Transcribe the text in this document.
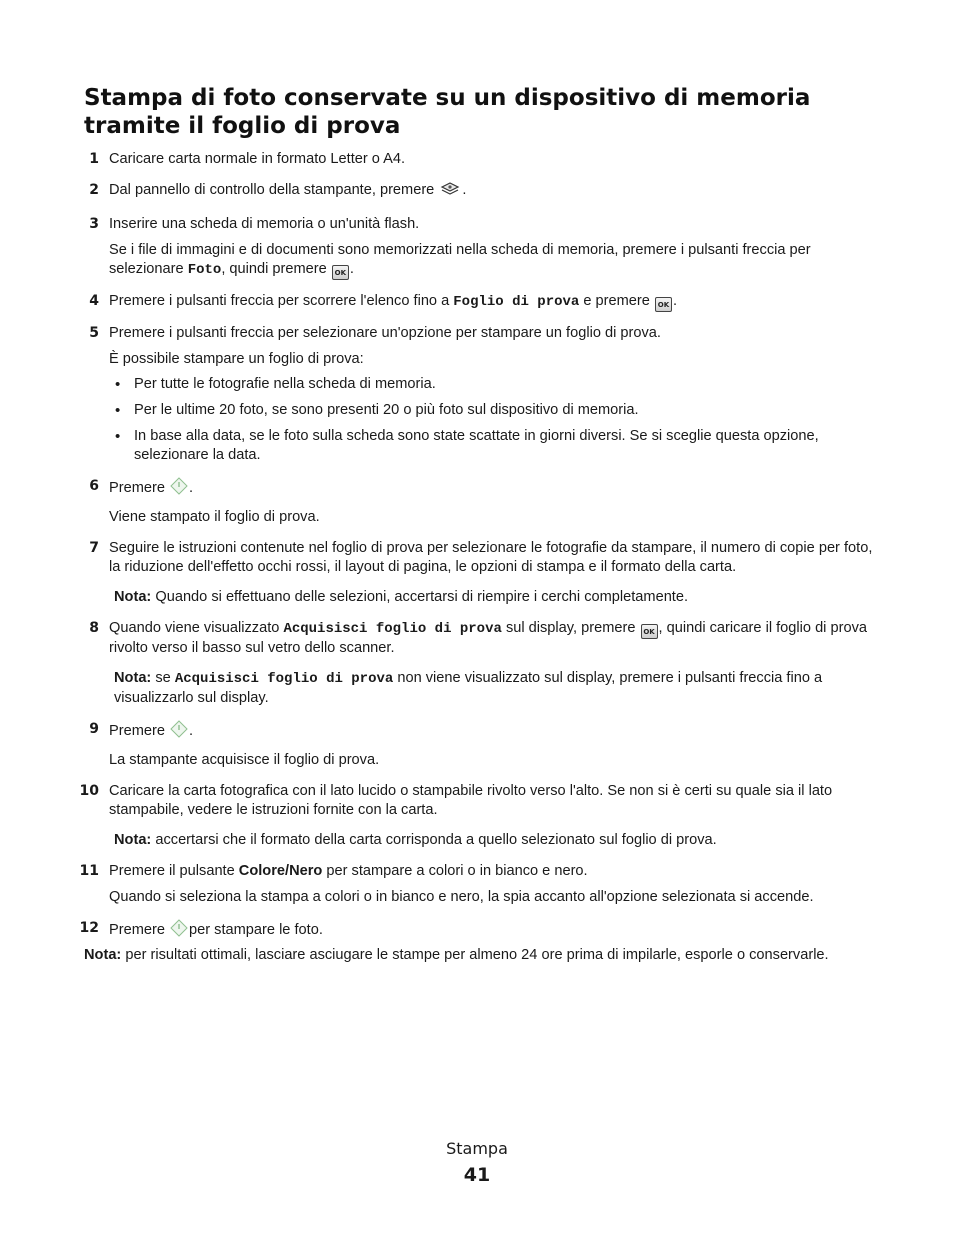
Stampa di foto conservate su un dispositivo di memoria tramite il foglio di prova
1 Caricare carta normale in formato Letter o A4.

2 Dal pannello di controllo della stampante, premere .

3 Inserire una scheda di memoria o un'unità flash.

Se i file di immagini e di documenti sono memorizzati nella scheda di memoria, premere i pulsanti freccia per selezionare Foto, quindi premere OK .

4 Premere i pulsanti freccia per scorrere l'elenco fino a Foglio di prova e premere OK .

5 Premere i pulsanti freccia per selezionare un'opzione per stampare un foglio di prova.

È possibile stampare un foglio di prova:

• Per tutte le fotografie nella scheda di memoria.
• Per le ultime 20 foto, se sono presenti 20 o più foto sul dispositivo di memoria.
• In base alla data, se le foto sulla scheda sono state scattate in giorni diversi. Se si sceglie questa opzione, selezionare la data.
6 Premere .

Viene stampato il foglio di prova.

7 Seguire le istruzioni contenute nel foglio di prova per selezionare le fotografie da stampare, il numero di copie per foto, la riduzione dell'effetto occhi rossi, il layout di pagina, le opzioni di stampa e il formato della carta.

Nota: Quando si effettuano delle selezioni, accertarsi di riempire i cerchi completamente.

8 Quando viene visualizzato Acquisisci foglio di prova sul display, premere OK , quindi caricare il foglio di prova rivolto verso il basso sul vetro dello scanner.

Nota: se Acquisisci foglio di prova non viene visualizzato sul display, premere i pulsanti freccia fino a visualizzarlo sul display.

9 Premere .

La stampante acquisisce il foglio di prova.

10 Caricare la carta fotografica con il lato lucido o stampabile rivolto verso l'alto. Se non si è certi su quale sia il lato stampabile, vedere le istruzioni fornite con la carta.

Nota: accertarsi che il formato della carta corrisponda a quello selezionato sul foglio di prova.

11 Premere il pulsante Colore/Nero per stampare a colori o in bianco e nero.

Quando si seleziona la stampa a colori o in bianco e nero, la spia accanto all'opzione selezionata si accende.

12 Premere per stampare le foto.

Nota: per risultati ottimali, lasciare asciugare le stampe per almeno 24 ore prima di impilarle, esporle o conservarle.

Stampa
41
